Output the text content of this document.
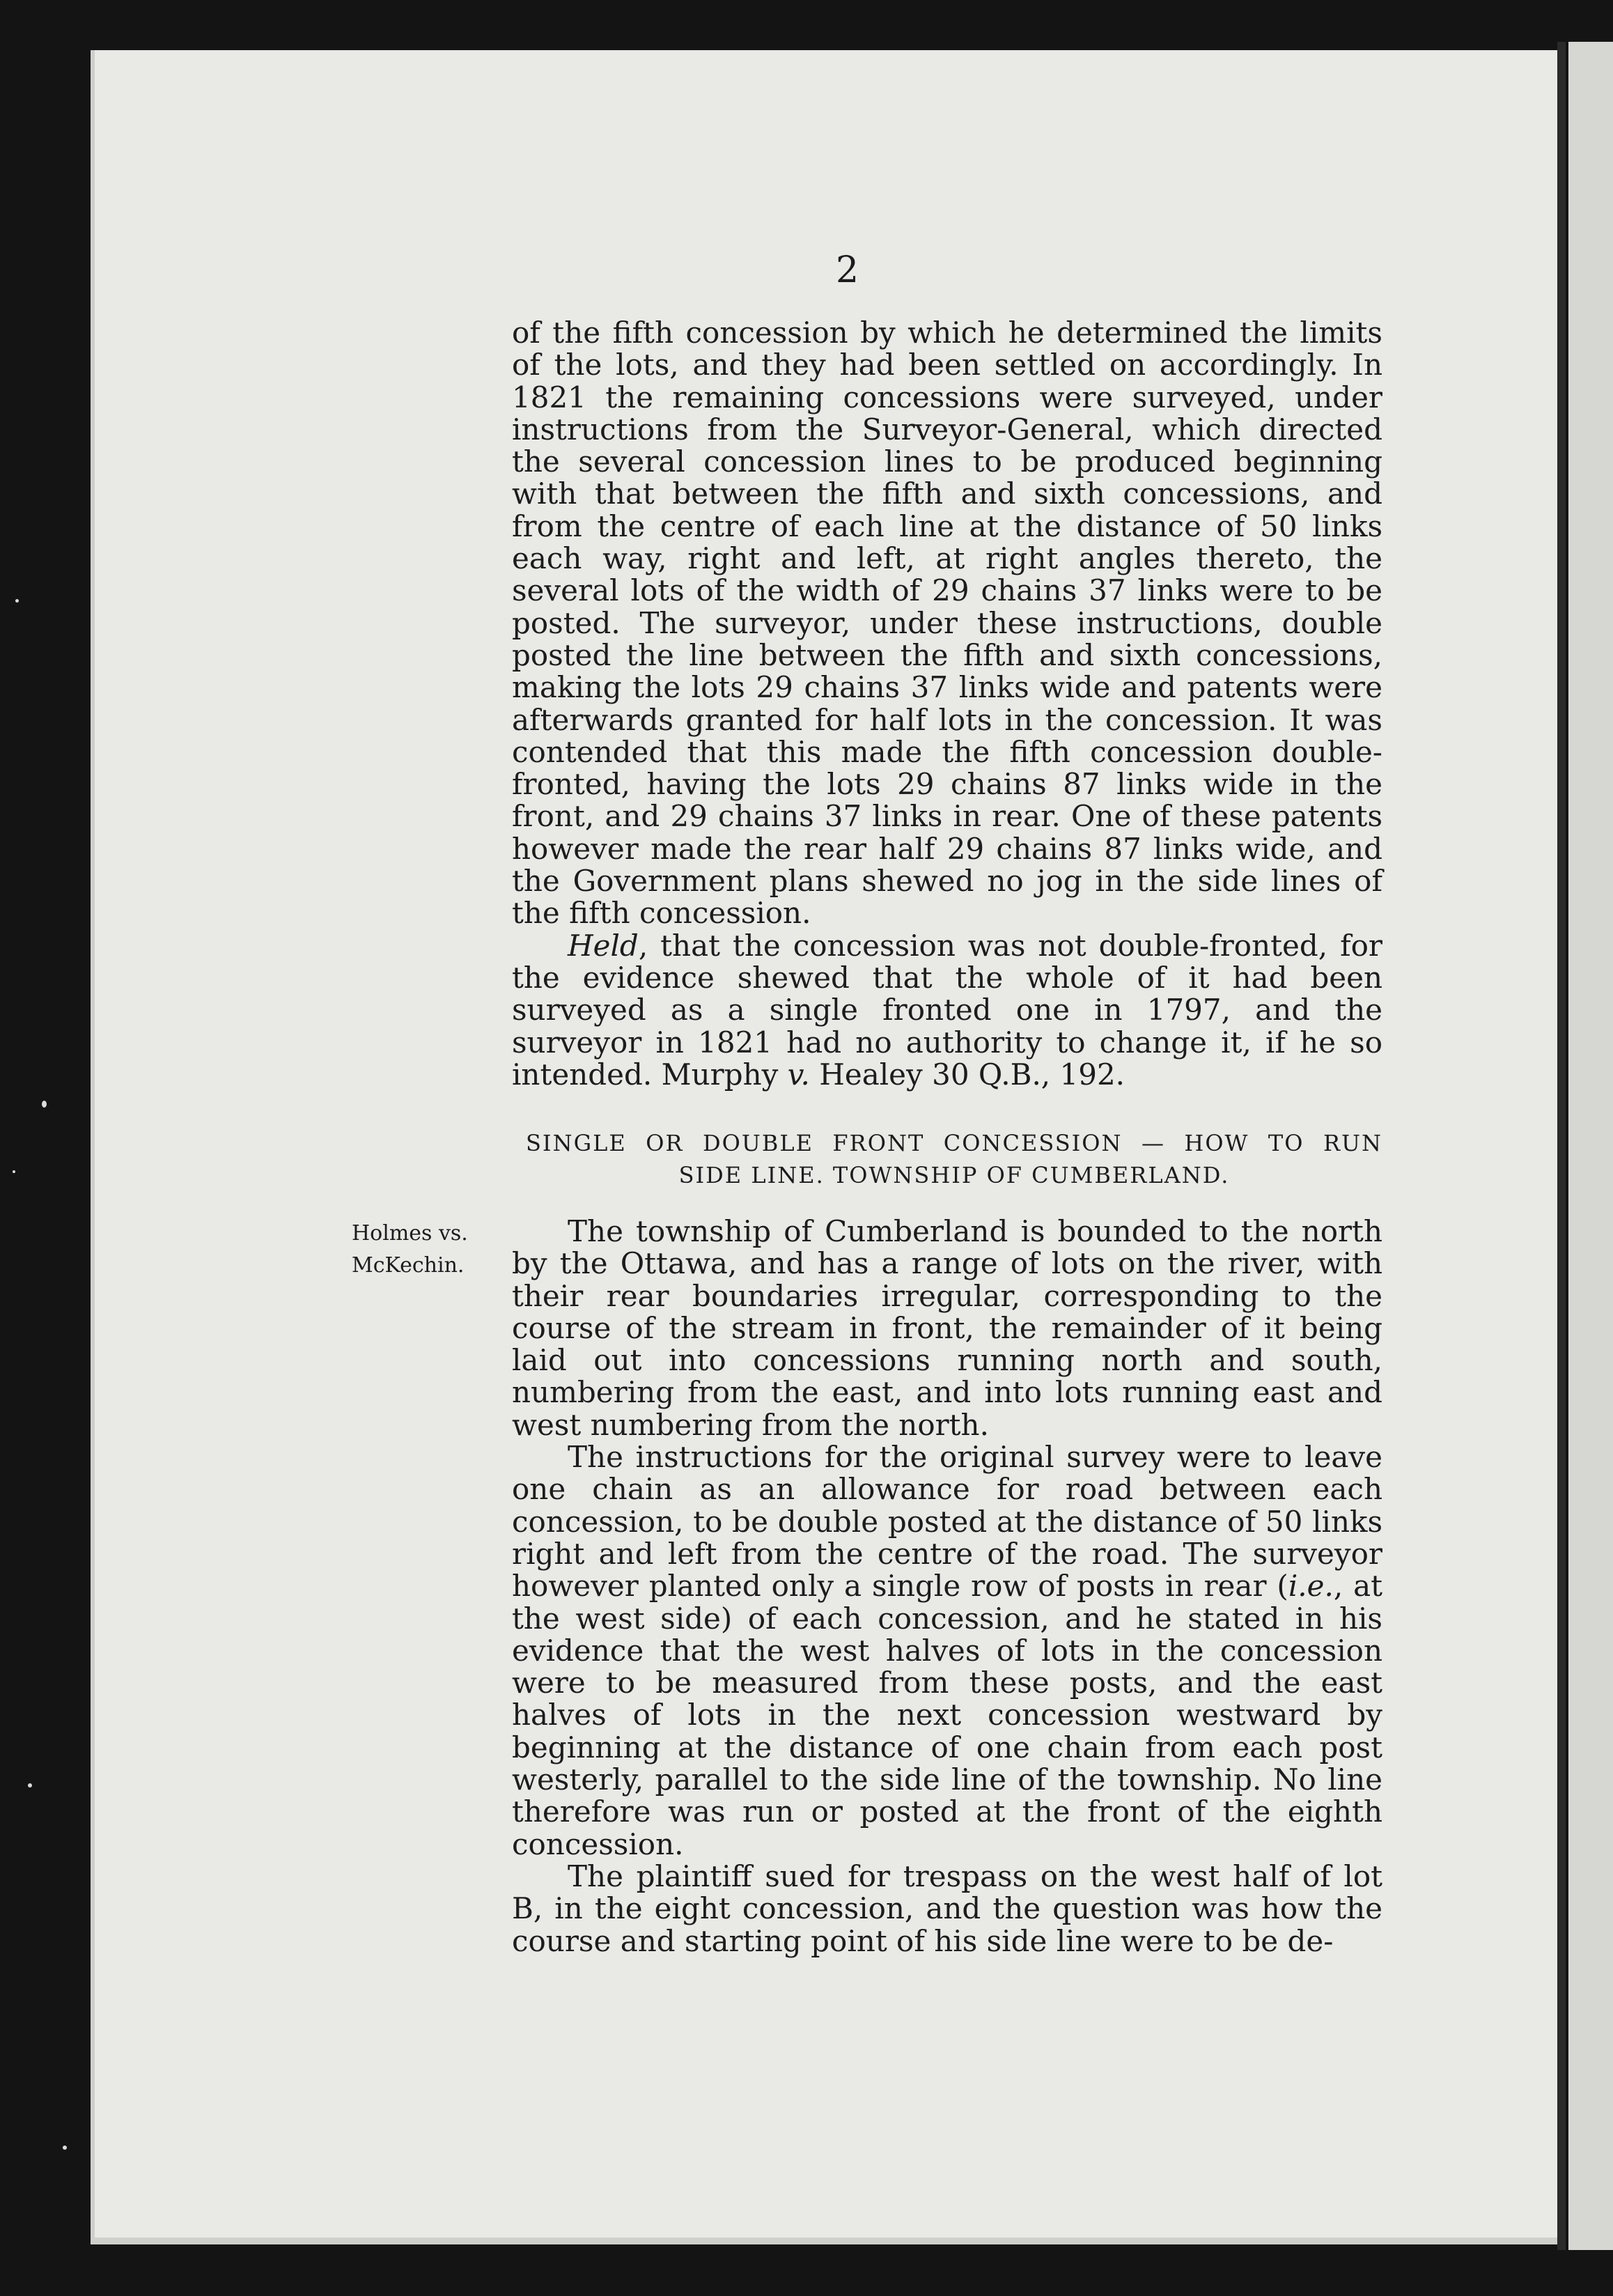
2

of the fifth concession by which he determined the limits of the lots, and they had been settled on accordingly. In 1821 the remaining concessions were surveyed, under instructions from the Surveyor-General, which directed the several concession lines to be produced beginning with that between the fifth and sixth concessions, and from the centre of each line at the distance of 50 links each way, right and left, at right angles thereto, the several lots of the width of 29 chains 37 links were to be posted. The surveyor, under these instructions, double posted the line between the fifth and sixth concessions, making the lots 29 chains 37 links wide and patents were afterwards granted for half lots in the concession. It was contended that this made the fifth concession double-fronted, having the lots 29 chains 87 links wide in the front, and 29 chains 37 links in rear. One of these patents however made the rear half 29 chains 87 links wide, and the Government plans shewed no jog in the side lines of the fifth concession.

Held, that the concession was not double-fronted, for the evidence shewed that the whole of it had been surveyed as a single fronted one in 1797, and the surveyor in 1821 had no authority to change it, if he so intended. Murphy v. Healey 30 Q.B., 192.

SINGLE OR DOUBLE FRONT CONCESSION — HOW TO RUN
SIDE LINE. TOWNSHIP OF CUMBERLAND.
Holmes vs.
McKechin.

The township of Cumberland is bounded to the north by the Ottawa, and has a range of lots on the river, with their rear boundaries irregular, corresponding to the course of the stream in front, the remainder of it being laid out into concessions running north and south, numbering from the east, and into lots running east and west numbering from the north.

The instructions for the original survey were to leave one chain as an allowance for road between each concession, to be double posted at the distance of 50 links right and left from the centre of the road. The surveyor however planted only a single row of posts in rear (i.e., at the west side) of each concession, and he stated in his evidence that the west halves of lots in the concession were to be measured from these posts, and the east halves of lots in the next concession westward by beginning at the distance of one chain from each post westerly, parallel to the side line of the township. No line therefore was run or posted at the front of the eighth concession.

The plaintiff sued for trespass on the west half of lot B, in the eight concession, and the question was how the course and starting point of his side line were to be de-
